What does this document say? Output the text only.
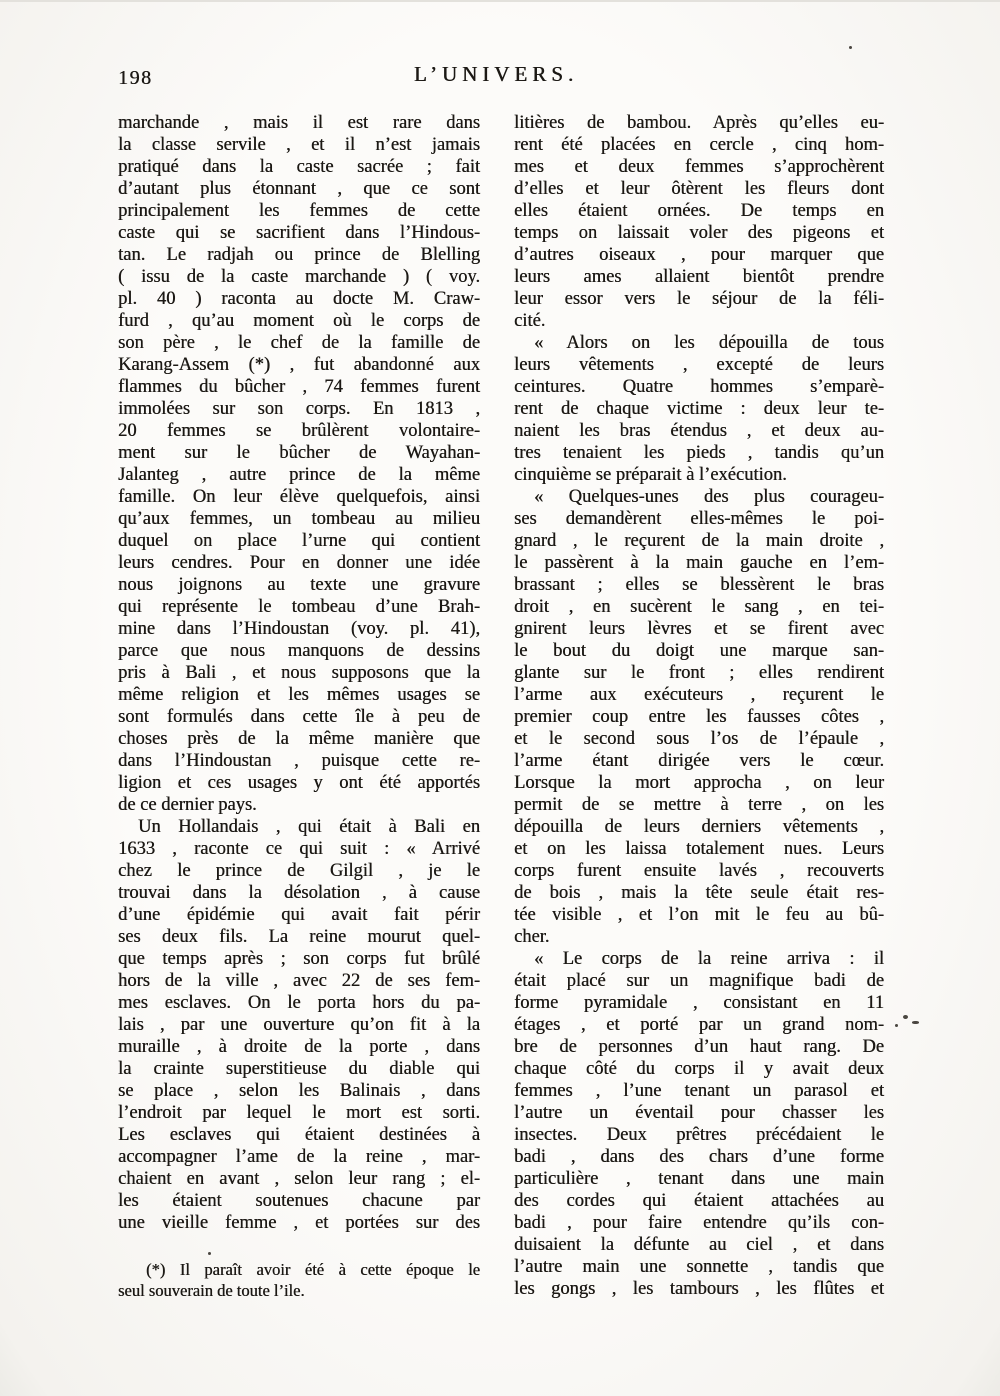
198	L’UNIVERS.
marchande , mais il est rare dans
la classe servile , et il n’est jamais
pratiqué dans la caste sacrée ; fait
d’autant plus étonnant , que ce sont
principalement les femmes de cette
caste qui se sacrifient dans l’Hindous-
tan. Le radjah ou prince de Blelling
( issu de la caste marchande ) ( voy.
pl. 40 ) raconta au docte M. Craw-
furd , qu’au moment où le corps de
son père , le chef de la famille de
Karang-Assem (*) , fut abandonné aux
flammes du bûcher , 74 femmes furent
immolées sur son corps. En 1813 ,
20 femmes se brûlèrent volontaire-
ment sur le bûcher de Wayahan-
Jalanteg , autre prince de la même
famille. On leur élève quelquefois, ainsi
qu’aux femmes, un tombeau au milieu
duquel on place l’urne qui contient
leurs cendres. Pour en donner une idée
nous joignons au texte une gravure
qui représente le tombeau d’une Brah-
mine dans l’Hindoustan (voy. pl. 41),
parce que nous manquons de dessins
pris à Bali , et nous supposons que la
même religion et les mêmes usages se
sont formulés dans cette île à peu de
choses près de la même manière que
dans l’Hindoustan , puisque cette re-
ligion et ces usages y ont été apportés
de ce dernier pays.
Un Hollandais , qui était à Bali en
1633 , raconte ce qui suit : « Arrivé
chez le prince de Gilgil , je le
trouvai dans la désolation , à cause
d’une épidémie qui avait fait périr
ses deux fils. La reine mourut quel-
que temps après ; son corps fut brûlé
hors de la ville , avec 22 de ses fem-
mes esclaves. On le porta hors du pa-
lais , par une ouverture qu’on fit à la
muraille , à droite de la porte , dans
la crainte superstitieuse du diable qui
se place , selon les Balinais , dans
l’endroit par lequel le mort est sorti.
Les esclaves qui étaient destinées à
accompagner l’ame de la reine , mar-
chaient en avant , selon leur rang ; el-
les étaient soutenues chacune par
une vieille femme , et portées sur des
(*) Il paraît avoir été à cette époque le
seul souverain de toute l’ile.
litières de bambou. Après qu’elles eu-
rent été placées en cercle , cinq hom-
mes et deux femmes s’approchèrent
d’elles et leur ôtèrent les fleurs dont
elles étaient ornées. De temps en
temps on laissait voler des pigeons et
d’autres oiseaux , pour marquer que
leurs ames allaient bientôt prendre
leur essor vers le séjour de la féli-
cité.
« Alors on les dépouilla de tous
leurs vêtements , excepté de leurs
ceintures. Quatre hommes s’emparè-
rent de chaque victime : deux leur te-
naient les bras étendus , et deux au-
tres tenaient les pieds , tandis qu’un
cinquième se préparait à l’exécution.
« Quelques-unes des plus courageu-
ses demandèrent elles-mêmes le poi-
gnard , le reçurent de la main droite ,
le passèrent à la main gauche en l’em-
brassant ; elles se blessèrent le bras
droit , en sucèrent le sang , en tei-
gnirent leurs lèvres et se firent avec
le bout du doigt une marque san-
glante sur le front ; elles rendirent
l’arme aux exécuteurs , reçurent le
premier coup entre les fausses côtes ,
et le second sous l’os de l’épaule ,
l’arme étant dirigée vers le cœur.
Lorsque la mort approcha , on leur
permit de se mettre à terre , on les
dépouilla de leurs derniers vêtements ,
et on les laissa totalement nues. Leurs
corps furent ensuite lavés , recouverts
de bois , mais la tête seule était res-
tée visible , et l’on mit le feu au bû-
cher.
« Le corps de la reine arriva : il
était placé sur un magnifique badi de
forme pyramidale , consistant en 11
étages , et porté par un grand nom-
bre de personnes d’un haut rang. De
chaque côté du corps il y avait deux
femmes , l’une tenant un parasol et
l’autre un éventail pour chasser les
insectes. Deux prêtres précédaient le
badi , dans des chars d’une forme
particulière , tenant dans une main
des cordes qui étaient attachées au
badi , pour faire entendre qu’ils con-
duisaient la défunte au ciel , et dans
l’autre main une sonnette , tandis que
les gongs , les tambours , les flûtes et
